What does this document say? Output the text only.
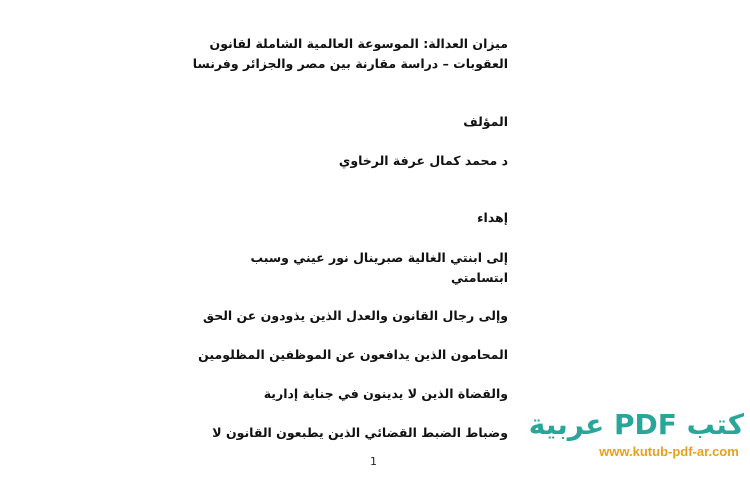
ميزان العدالة: الموسوعة العالمية الشاملة لقانون
العقوبات – دراسة مقارنة بين مصر والجزائر وفرنسا
المؤلف
د محمد كمال عرفة الرخاوي
إهداء
إلى ابنتي الغالية صبرينال نور عيني وسبب
ابتسامتي
وإلى رجال القانون والعدل الذين يذودون عن الحق
المحامون الذين يدافعون عن الموظفين المظلومين
والقضاة الذين لا يدينون في جناية إدارية
وضباط الضبط القضائي الذين يطبعون القانون لا
1
كتب PDF عربية
www.kutub-pdf-ar.com
